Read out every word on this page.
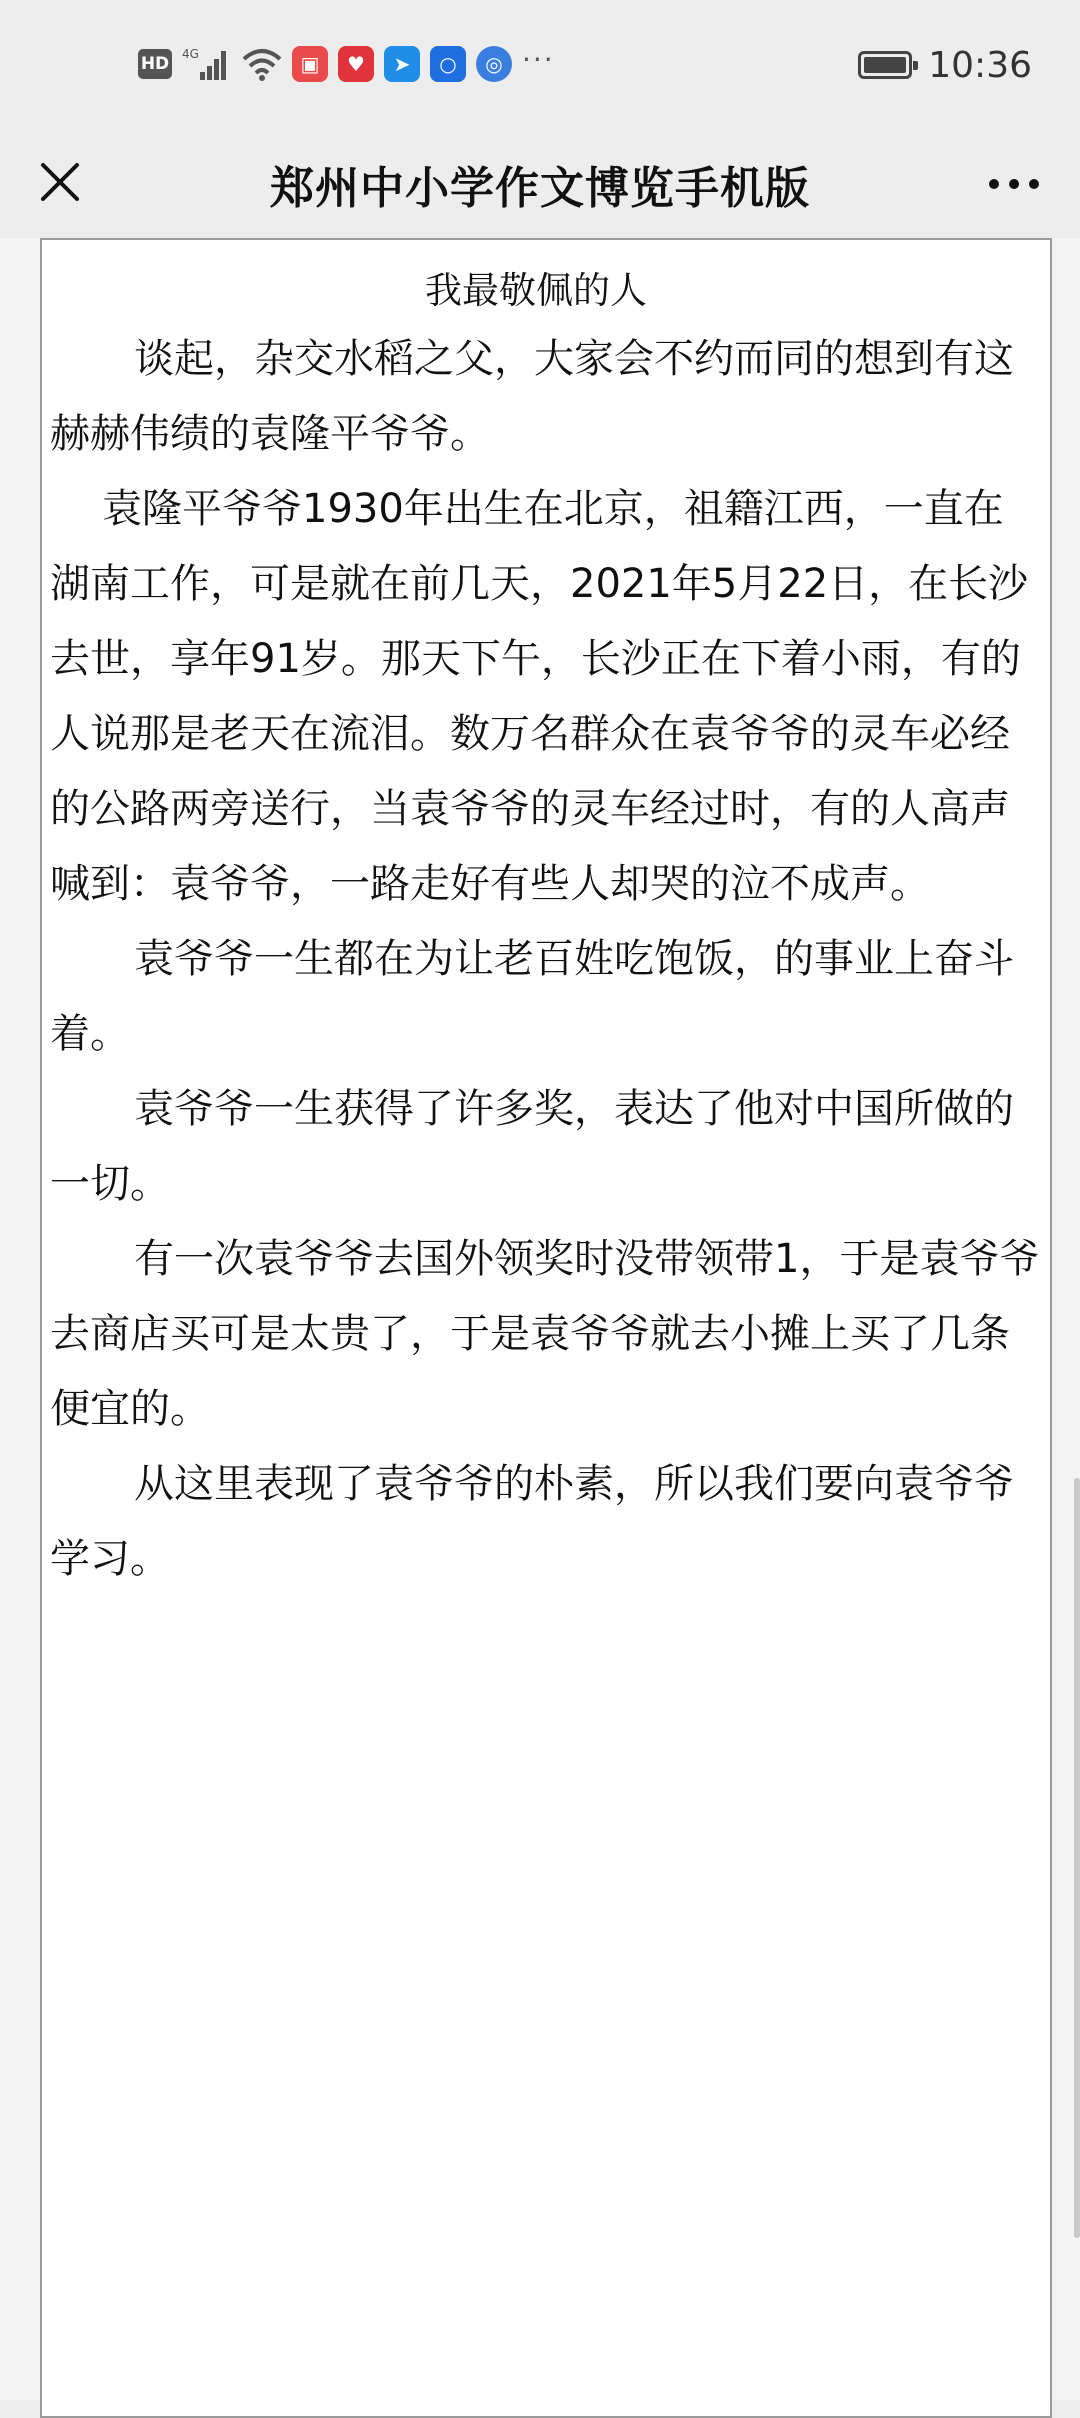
HD 4G	▣	♥	➤	○	◎ ···	10:36
郑州中小学作文博览手机版
我最敬佩的人

谈起，杂交水稻之父，大家会不约而同的想到有这赫赫伟绩的袁隆平爷爷。

袁隆平爷爷1930年出生在北京，祖籍江西，一直在湖南工作，可是就在前几天，2021年5月22日，在长沙去世，享年91岁。那天下午，长沙正在下着小雨，有的人说那是老天在流泪。数万名群众在袁爷爷的灵车必经的公路两旁送行，当袁爷爷的灵车经过时，有的人高声喊到：袁爷爷，一路走好有些人却哭的泣不成声。

袁爷爷一生都在为让老百姓吃饱饭，的事业上奋斗着。

袁爷爷一生获得了许多奖，表达了他对中国所做的一切。

有一次袁爷爷去国外领奖时没带领带1，于是袁爷爷去商店买可是太贵了，于是袁爷爷就去小摊上买了几条便宜的。

从这里表现了袁爷爷的朴素，所以我们要向袁爷爷学习。
